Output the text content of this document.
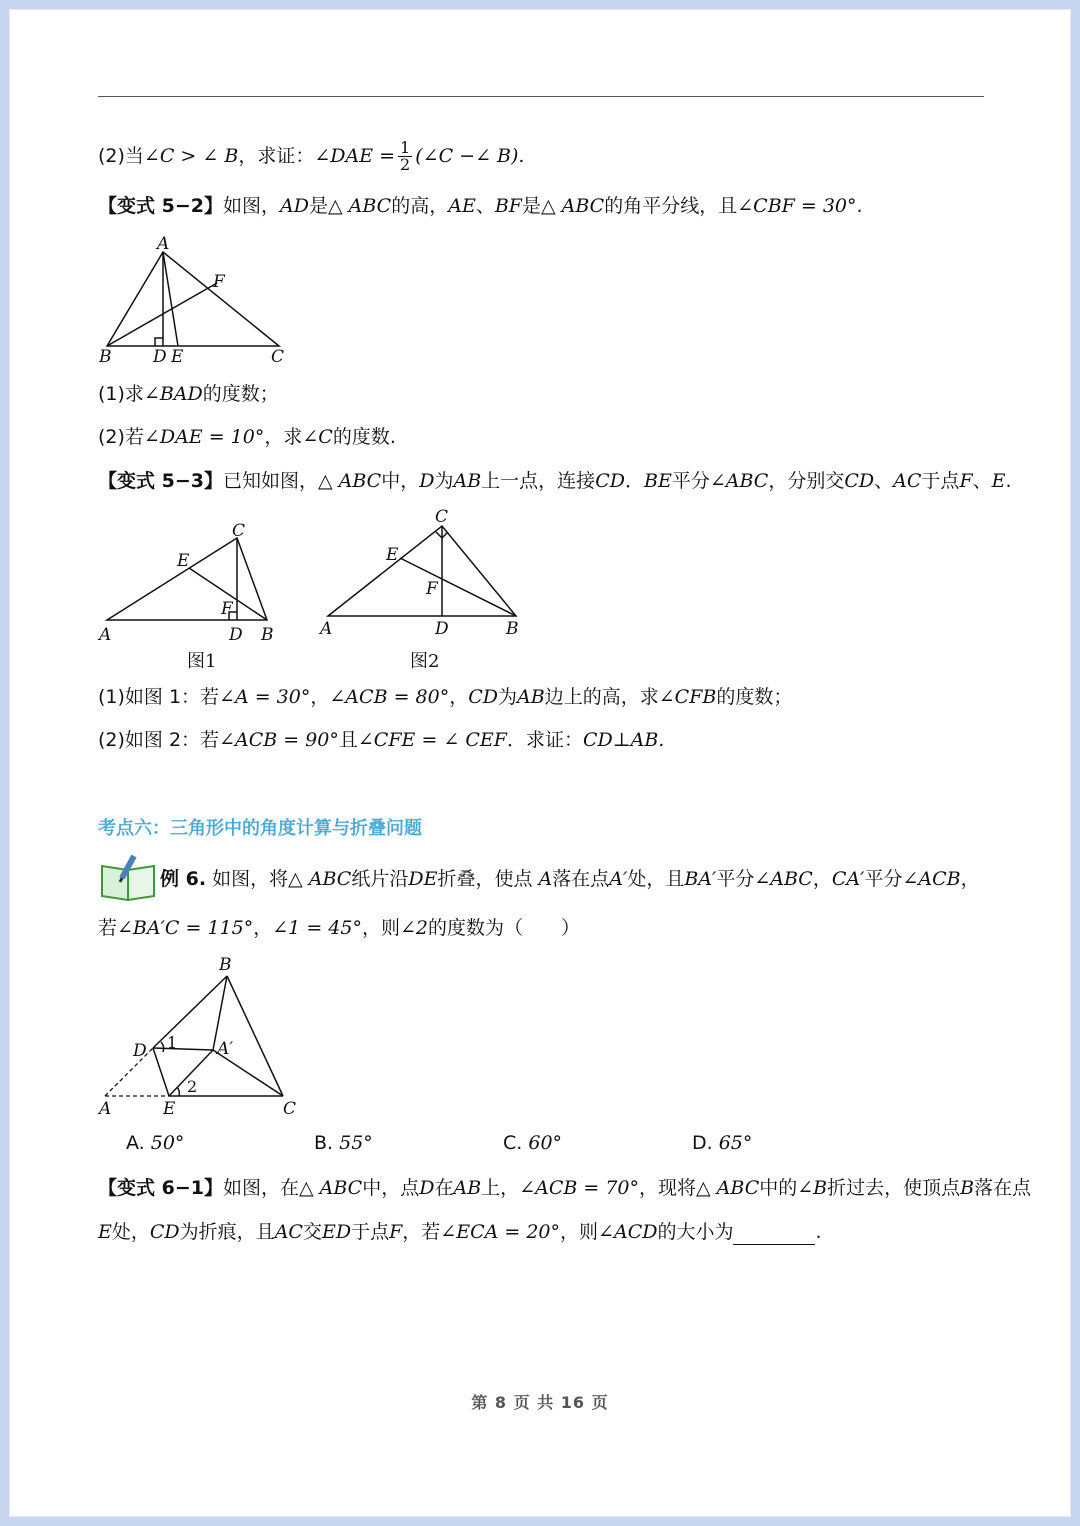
(2)当∠C > ∠ B，求证：∠DAE = $\frac{1}{2}$ (∠C −∠ B).
【变式 5−2】如图，AD是△ ABC的高，AE、BF是△ ABC的角平分线，且∠CBF = 30°.
A
B	C
D E
F
(1)求∠BAD的度数；
(2)若∠DAE = 10°，求∠C的度数.
【变式 5−3】已知如图，△ ABC中，D为AB上一点，连接CD．BE平分∠ABC，分别交CD、AC于点F、E.
C
E
F
A	D B
图1
C
E
F
A	D	B
图2
(1)如图 1：若∠A = 30°，∠ACB = 80°，CD为AB边上的高，求∠CFB的度数；
(2)如图 2：若∠ACB = 90°且∠CFE = ∠ CEF．求证：CD⊥AB.
考点六：三角形中的角度计算与折叠问题
例 6. 如图，将△ ABC纸片沿DE折叠，使点 A落在点A′处，且BA′平分∠ABC，CA′平分∠ACB，
若∠BA′C = 115°，∠1 = 45°，则∠2的度数为（　　）
B
D	A′
A	E	C
1
2
A. 50°	B. 55°	C. 60°	D. 65°
【变式 6−1】如图，在△ ABC中，点D在AB上，∠ACB = 70°，现将△ ABC中的∠B折过去，使顶点B落在点
E处，CD为折痕，且AC交ED于点F，若∠ECA = 20°，则∠ACD的大小为	.
第 8 页 共 16 页
